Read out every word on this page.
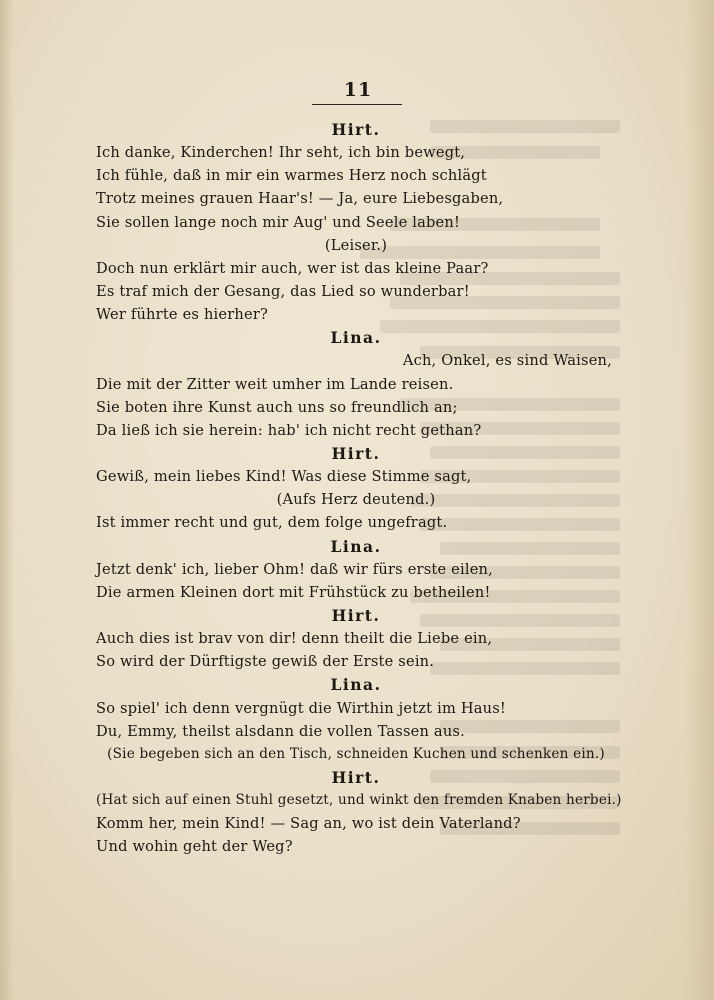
11
Hirt.
Ich danke, Kinderchen! Ihr seht, ich bin bewegt,
Ich fühle, daß in mir ein warmes Herz noch schlägt
Trotz meines grauen Haar's! — Ja, eure Liebesgaben,
Sie sollen lange noch mir Aug' und Seele laben!
(Leiser.)
Doch nun erklärt mir auch, wer ist das kleine Paar?
Es traf mich der Gesang, das Lied so wunderbar!
Wer führte es hierher?
Lina.
Ach, Onkel, es sind Waisen,
Die mit der Zitter weit umher im Lande reisen.
Sie boten ihre Kunst auch uns so freundlich an;
Da ließ ich sie herein: hab' ich nicht recht gethan?
Hirt.
Gewiß, mein liebes Kind! Was diese Stimme sagt,
(Aufs Herz deutend.)
Ist immer recht und gut, dem folge ungefragt.
Lina.
Jetzt denk' ich, lieber Ohm! daß wir fürs erste eilen,
Die armen Kleinen dort mit Frühstück zu betheilen!
Hirt.
Auch dies ist brav von dir! denn theilt die Liebe ein,
So wird der Dürftigste gewiß der Erste sein.
Lina.
So spiel' ich denn vergnügt die Wirthin jetzt im Haus!
Du, Emmy, theilst alsdann die vollen Tassen aus.
(Sie begeben sich an den Tisch, schneiden Kuchen und schenken ein.)
Hirt.
(Hat sich auf einen Stuhl gesetzt, und winkt den fremden Knaben herbei.)
Komm her, mein Kind! — Sag an, wo ist dein Vaterland?
Und wohin geht der Weg?
